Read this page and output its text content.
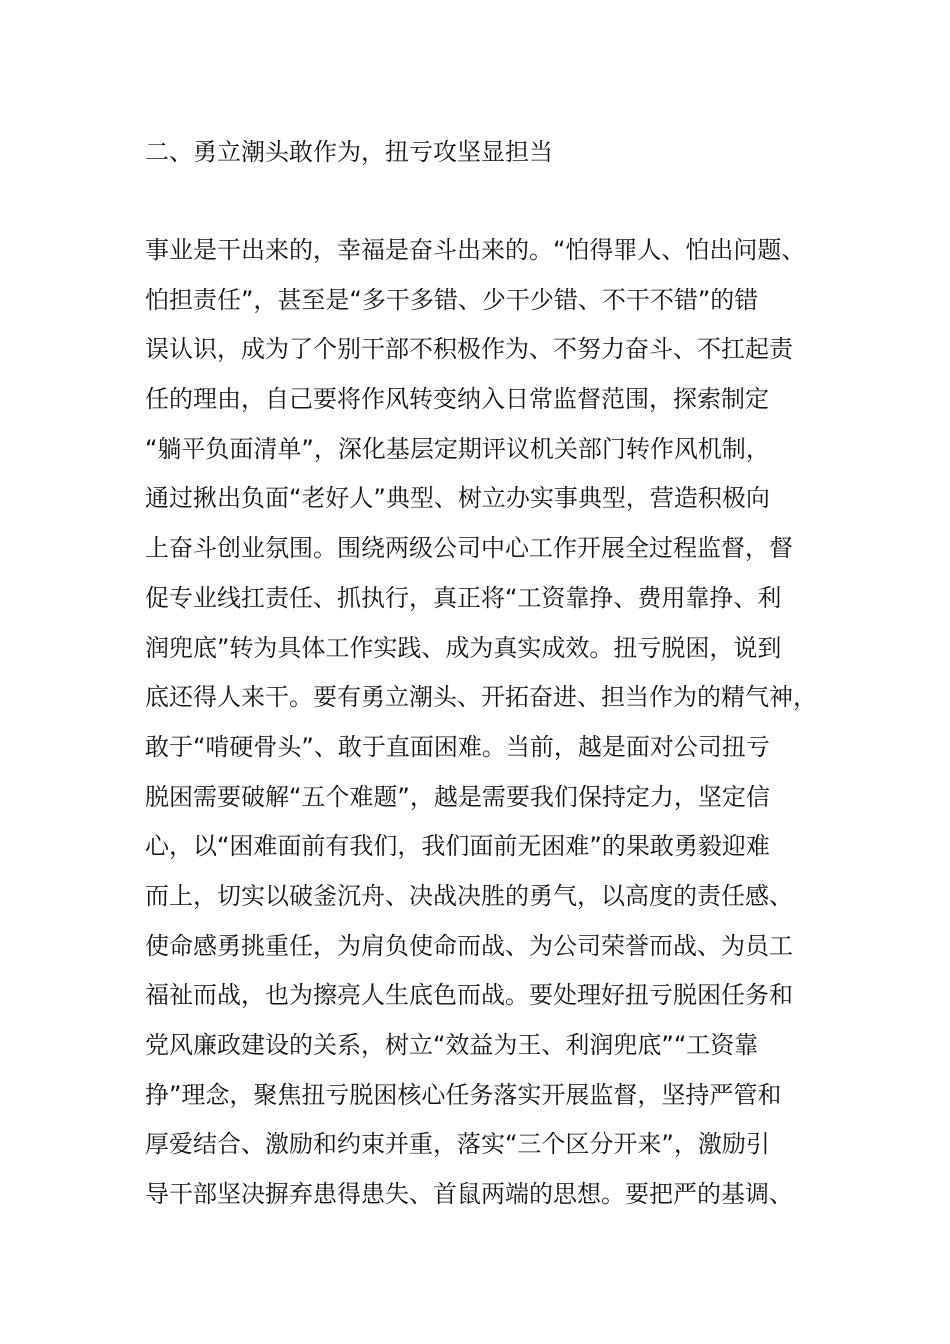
二、勇立潮头敢作为，扭亏攻坚显担当
事业是干出来的，幸福是奋斗出来的。“怕得罪人、怕出问题、
怕担责任”，甚至是“多干多错、少干少错、不干不错”的错
误认识，成为了个别干部不积极作为、不努力奋斗、不扛起责
任的理由，自己要将作风转变纳入日常监督范围，探索制定
“躺平负面清单”，深化基层定期评议机关部门转作风机制，
通过揪出负面“老好人”典型、树立办实事典型，营造积极向
上奋斗创业氛围。围绕两级公司中心工作开展全过程监督，督
促专业线扛责任、抓执行，真正将“工资靠挣、费用靠挣、利
润兜底”转为具体工作实践、成为真实成效。扭亏脱困，说到
底还得人来干。要有勇立潮头、开拓奋进、担当作为的精气神，
敢于“啃硬骨头”、敢于直面困难。当前，越是面对公司扭亏
脱困需要破解“五个难题”，越是需要我们保持定力，坚定信
心，以“困难面前有我们，我们面前无困难”的果敢勇毅迎难
而上，切实以破釜沉舟、决战决胜的勇气，以高度的责任感、
使命感勇挑重任，为肩负使命而战、为公司荣誉而战、为员工
福祉而战，也为擦亮人生底色而战。要处理好扭亏脱困任务和
党风廉政建设的关系，树立“效益为王、利润兜底”“工资靠
挣”理念，聚焦扭亏脱困核心任务落实开展监督，坚持严管和
厚爱结合、激励和约束并重，落实“三个区分开来”，激励引
导干部坚决摒弃患得患失、首鼠两端的思想。要把严的基调、
